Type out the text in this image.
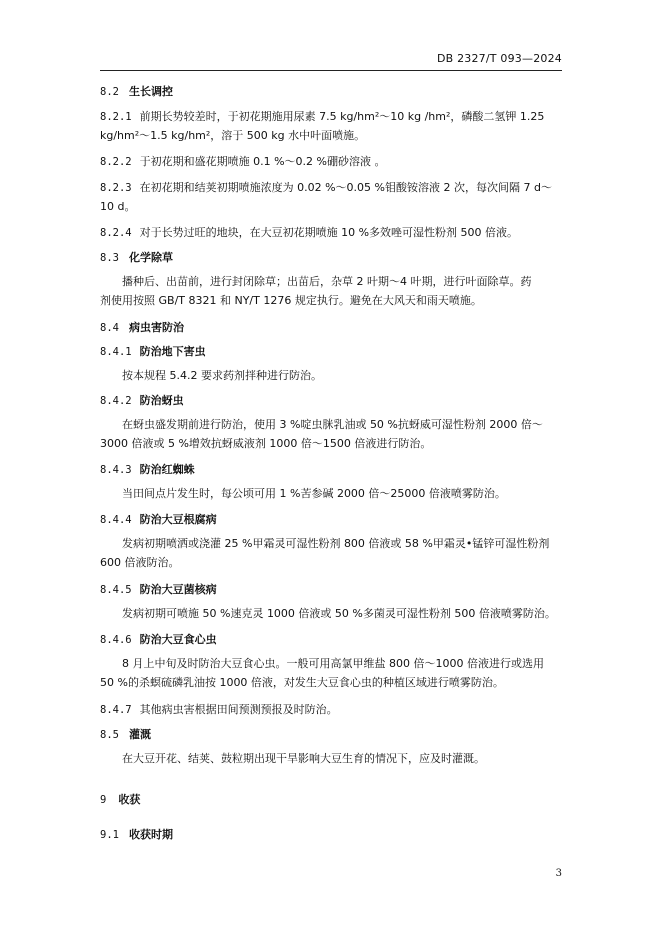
DB 2327/T 093—2024
8.2 生长调控
8.2.1 前期长势较差时，于初花期施用尿素 7.5 kg/hm²～10 kg /hm²，磷酸二氢钾 1.25
kg/hm²～1.5 kg/hm²，溶于 500 kg 水中叶面喷施。
8.2.2 于初花期和盛花期喷施 0.1 %～0.2 %硼砂溶液 。
8.2.3 在初花期和结荚初期喷施浓度为 0.02 %～0.05 %钼酸铵溶液 2 次，每次间隔 7 d～
10 d。
8.2.4 对于长势过旺的地块，在大豆初花期喷施 10 %多效唑可湿性粉剂 500 倍液。
8.3 化学除草
播种后、出苗前，进行封闭除草；出苗后，杂草 2 叶期～4 叶期，进行叶面除草。药
剂使用按照 GB/T 8321 和 NY/T 1276 规定执行。避免在大风天和雨天喷施。
8.4 病虫害防治
8.4.1 防治地下害虫
按本规程 5.4.2 要求药剂拌种进行防治。
8.4.2 防治蚜虫
在蚜虫盛发期前进行防治，使用 3 %啶虫脒乳油或 50 %抗蚜威可湿性粉剂 2000 倍～
3000 倍液或 5 %增效抗蚜威液剂 1000 倍～1500 倍液进行防治。
8.4.3 防治红蜘蛛
当田间点片发生时，每公顷可用 1 %苦参碱 2000 倍～25000 倍液喷雾防治。
8.4.4 防治大豆根腐病
发病初期喷洒或浇灌 25 %甲霜灵可湿性粉剂 800 倍液或 58 %甲霜灵•锰锌可湿性粉剂
600 倍液防治。
8.4.5 防治大豆菌核病
发病初期可喷施 50 %速克灵 1000 倍液或 50 %多菌灵可湿性粉剂 500 倍液喷雾防治。
8.4.6 防治大豆食心虫
8 月上中旬及时防治大豆食心虫。一般可用高氯甲维盐 800 倍～1000 倍液进行或选用
50 %的杀螟硫磷乳油按 1000 倍液，对发生大豆食心虫的种植区域进行喷雾防治。
8.4.7 其他病虫害根据田间预测预报及时防治。
8.5 灌溉
在大豆开花、结荚、鼓粒期出现干旱影响大豆生育的情况下，应及时灌溉。
9 收获
9.1 收获时期
3
